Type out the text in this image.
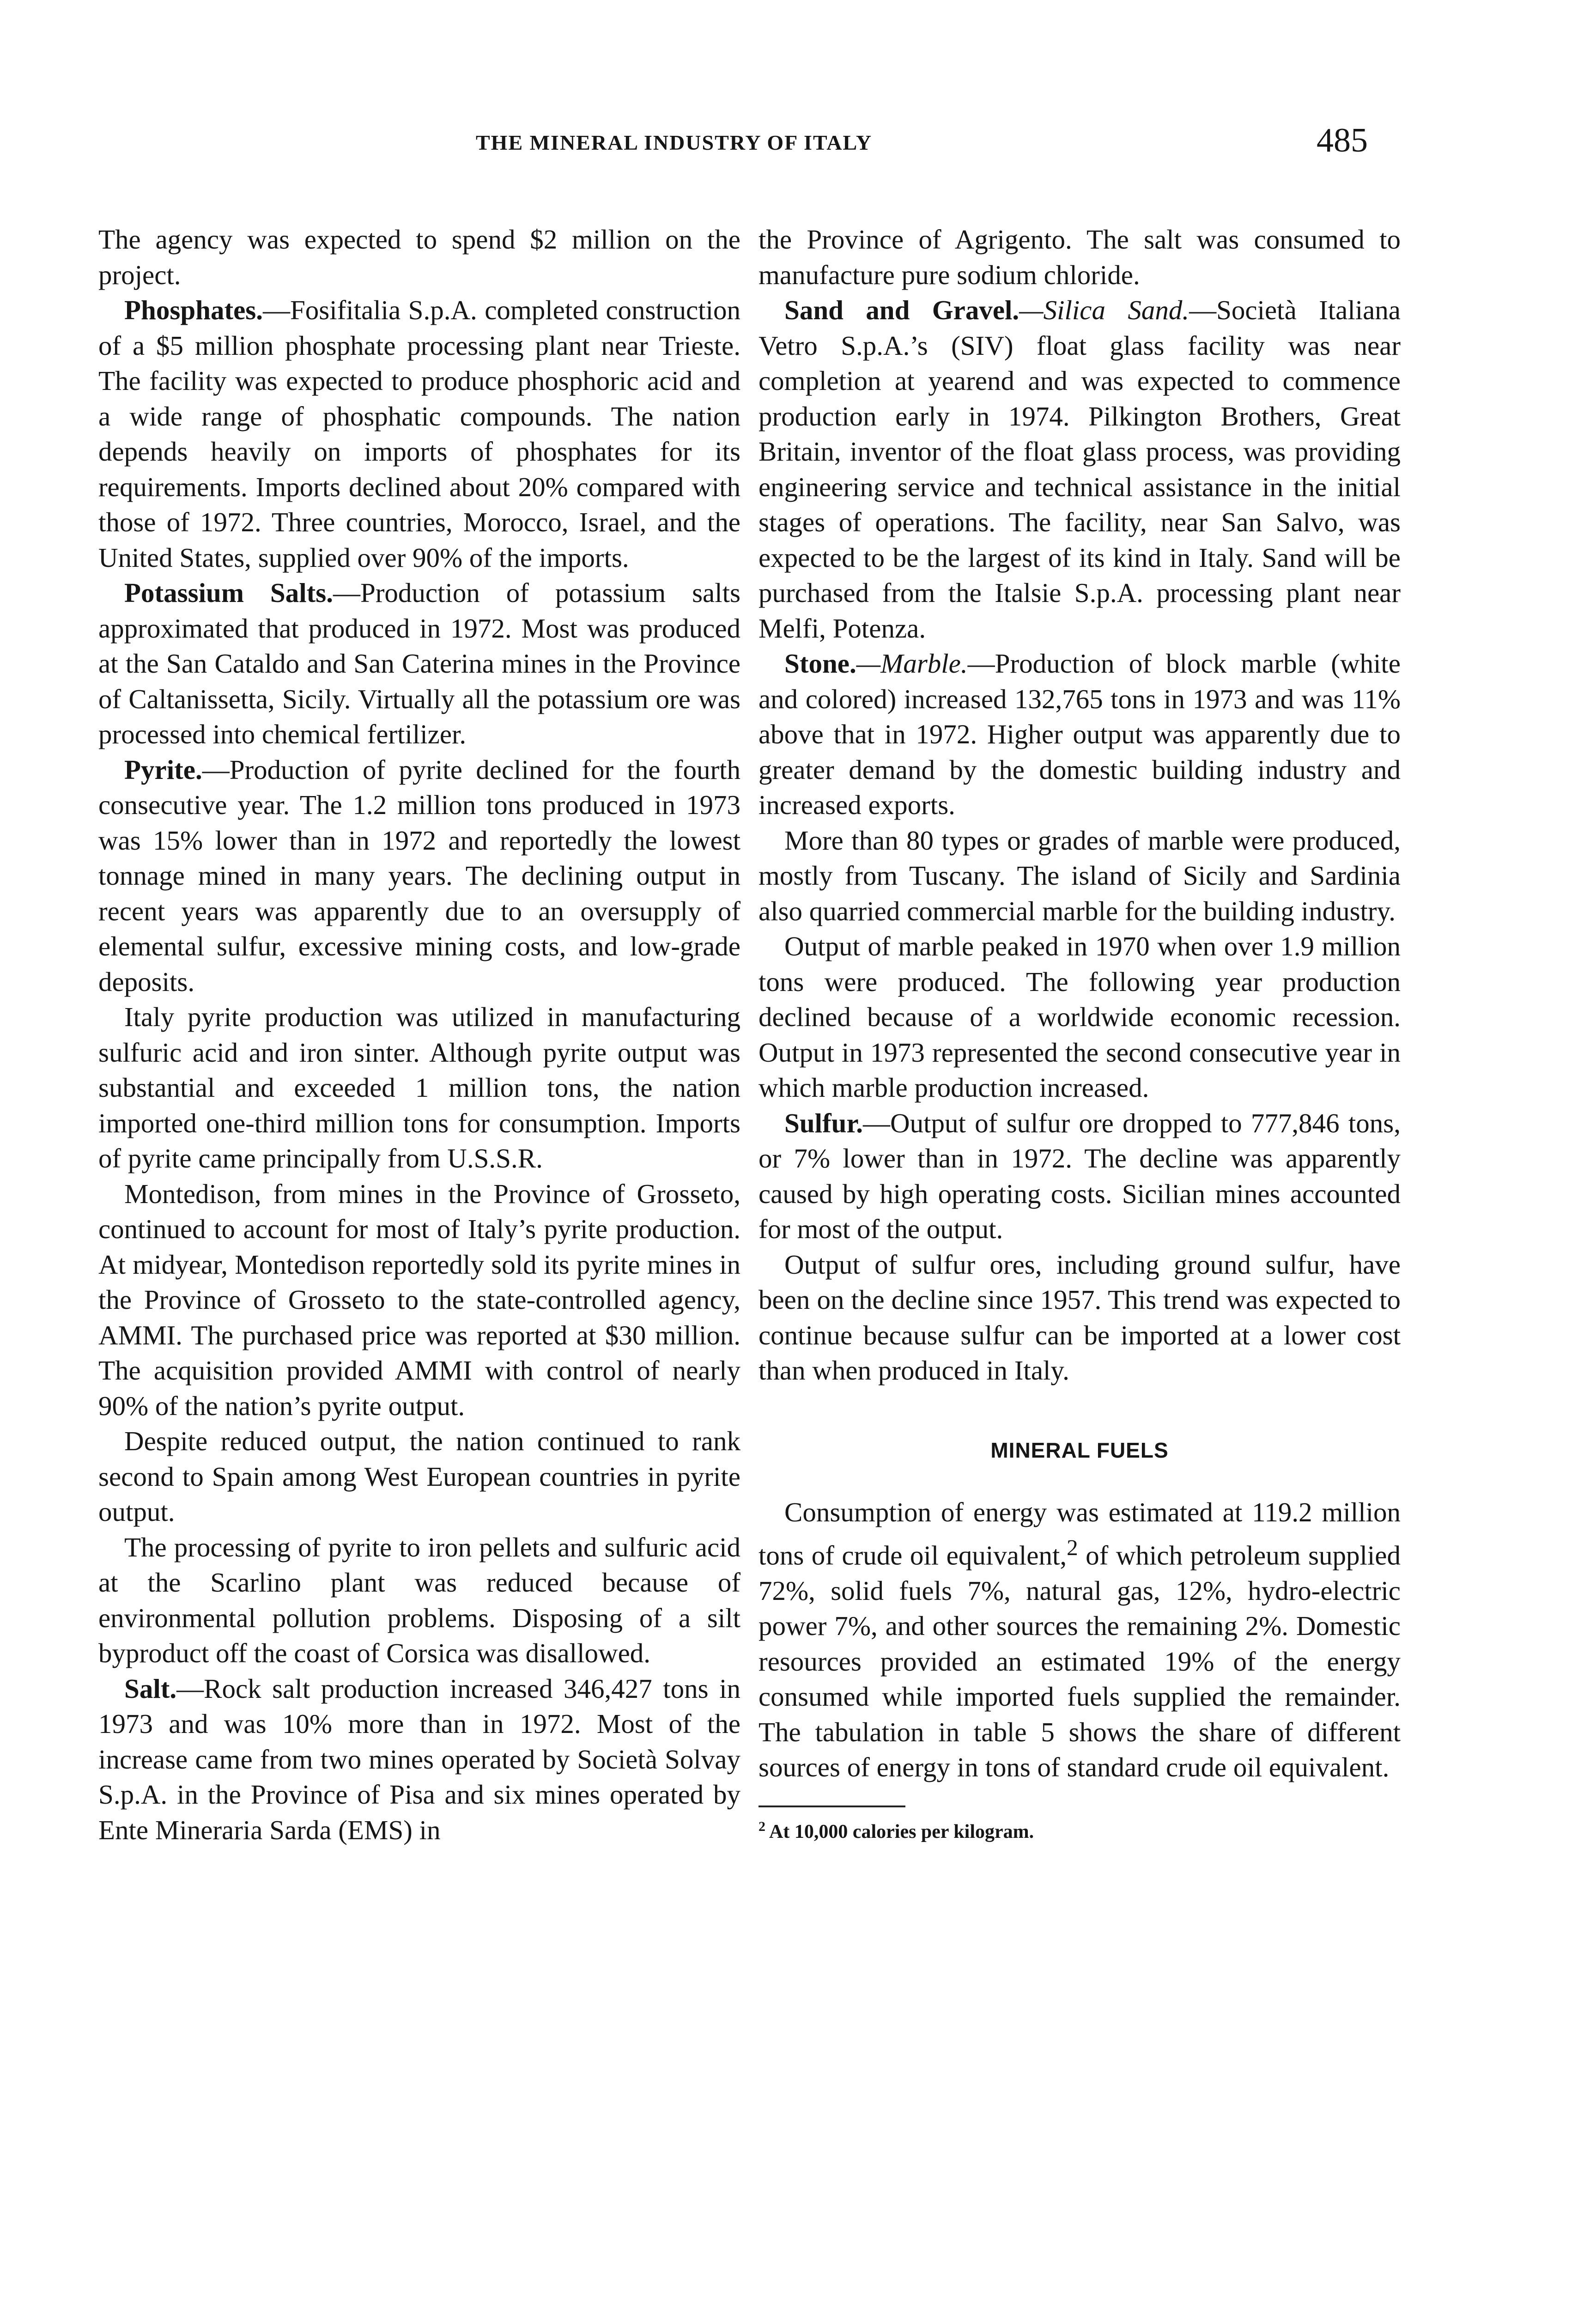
THE MINERAL INDUSTRY OF ITALY	485

The agency was expected to spend $2 million on the project.

Phosphates.—Fosifitalia S.p.A. completed construction of a $5 million phosphate processing plant near Trieste. The facility was expected to produce phosphoric acid and a wide range of phosphatic compounds. The nation depends heavily on imports of phosphates for its requirements. Imports declined about 20% compared with those of 1972. Three countries, Morocco, Israel, and the United States, supplied over 90% of the imports.

Potassium Salts.—Production of potassium salts approximated that produced in 1972. Most was produced at the San Cataldo and San Caterina mines in the Province of Caltanissetta, Sicily. Virtually all the potassium ore was processed into chemical fertilizer.

Pyrite.—Production of pyrite declined for the fourth consecutive year. The 1.2 million tons produced in 1973 was 15% lower than in 1972 and reportedly the lowest tonnage mined in many years. The declining output in recent years was apparently due to an oversupply of elemental sulfur, excessive mining costs, and low-grade deposits.

Italy pyrite production was utilized in manufacturing sulfuric acid and iron sinter. Although pyrite output was substantial and exceeded 1 million tons, the nation imported one-third million tons for consumption. Imports of pyrite came principally from U.S.S.R.

Montedison, from mines in the Province of Grosseto, continued to account for most of Italy’s pyrite production. At midyear, Montedison reportedly sold its pyrite mines in the Province of Grosseto to the state-controlled agency, AMMI. The purchased price was reported at $30 million. The acquisition provided AMMI with control of nearly 90% of the nation’s pyrite output.

Despite reduced output, the nation continued to rank second to Spain among West European countries in pyrite output.

The processing of pyrite to iron pellets and sulfuric acid at the Scarlino plant was reduced because of environmental pollution problems. Disposing of a silt byproduct off the coast of Corsica was disallowed.

Salt.—Rock salt production increased 346,427 tons in 1973 and was 10% more than in 1972. Most of the increase came from two mines operated by Società Solvay S.p.A. in the Province of Pisa and six mines operated by Ente Mineraria Sarda (EMS) in

the Province of Agrigento. The salt was consumed to manufacture pure sodium chloride.

Sand and Gravel.—Silica Sand.—Società Italiana Vetro S.p.A.’s (SIV) float glass facility was near completion at yearend and was expected to commence production early in 1974. Pilkington Brothers, Great Britain, inventor of the float glass process, was providing engineering service and technical assistance in the initial stages of operations. The facility, near San Salvo, was expected to be the largest of its kind in Italy. Sand will be purchased from the Italsie S.p.A. processing plant near Melfi, Potenza.

Stone.—Marble.—Production of block marble (white and colored) increased 132,765 tons in 1973 and was 11% above that in 1972. Higher output was apparently due to greater demand by the domestic building industry and increased exports.

More than 80 types or grades of marble were produced, mostly from Tuscany. The island of Sicily and Sardinia also quarried commercial marble for the building industry.

Output of marble peaked in 1970 when over 1.9 million tons were produced. The following year production declined because of a worldwide economic recession. Output in 1973 represented the second consecutive year in which marble production increased.

Sulfur.—Output of sulfur ore dropped to 777,846 tons, or 7% lower than in 1972. The decline was apparently caused by high operating costs. Sicilian mines accounted for most of the output.

Output of sulfur ores, including ground sulfur, have been on the decline since 1957. This trend was expected to continue because sulfur can be imported at a lower cost than when produced in Italy.

MINERAL FUELS

Consumption of energy was estimated at 119.2 million tons of crude oil equivalent,$^2$ of which petroleum supplied 72%, solid fuels 7%, natural gas, 12%, hydro-electric power 7%, and other sources the remaining 2%. Domestic resources provided an estimated 19% of the energy consumed while imported fuels supplied the remainder. The tabulation in table 5 shows the share of different sources of energy in tons of standard crude oil equivalent.

$^2$ At 10,000 calories per kilogram.
